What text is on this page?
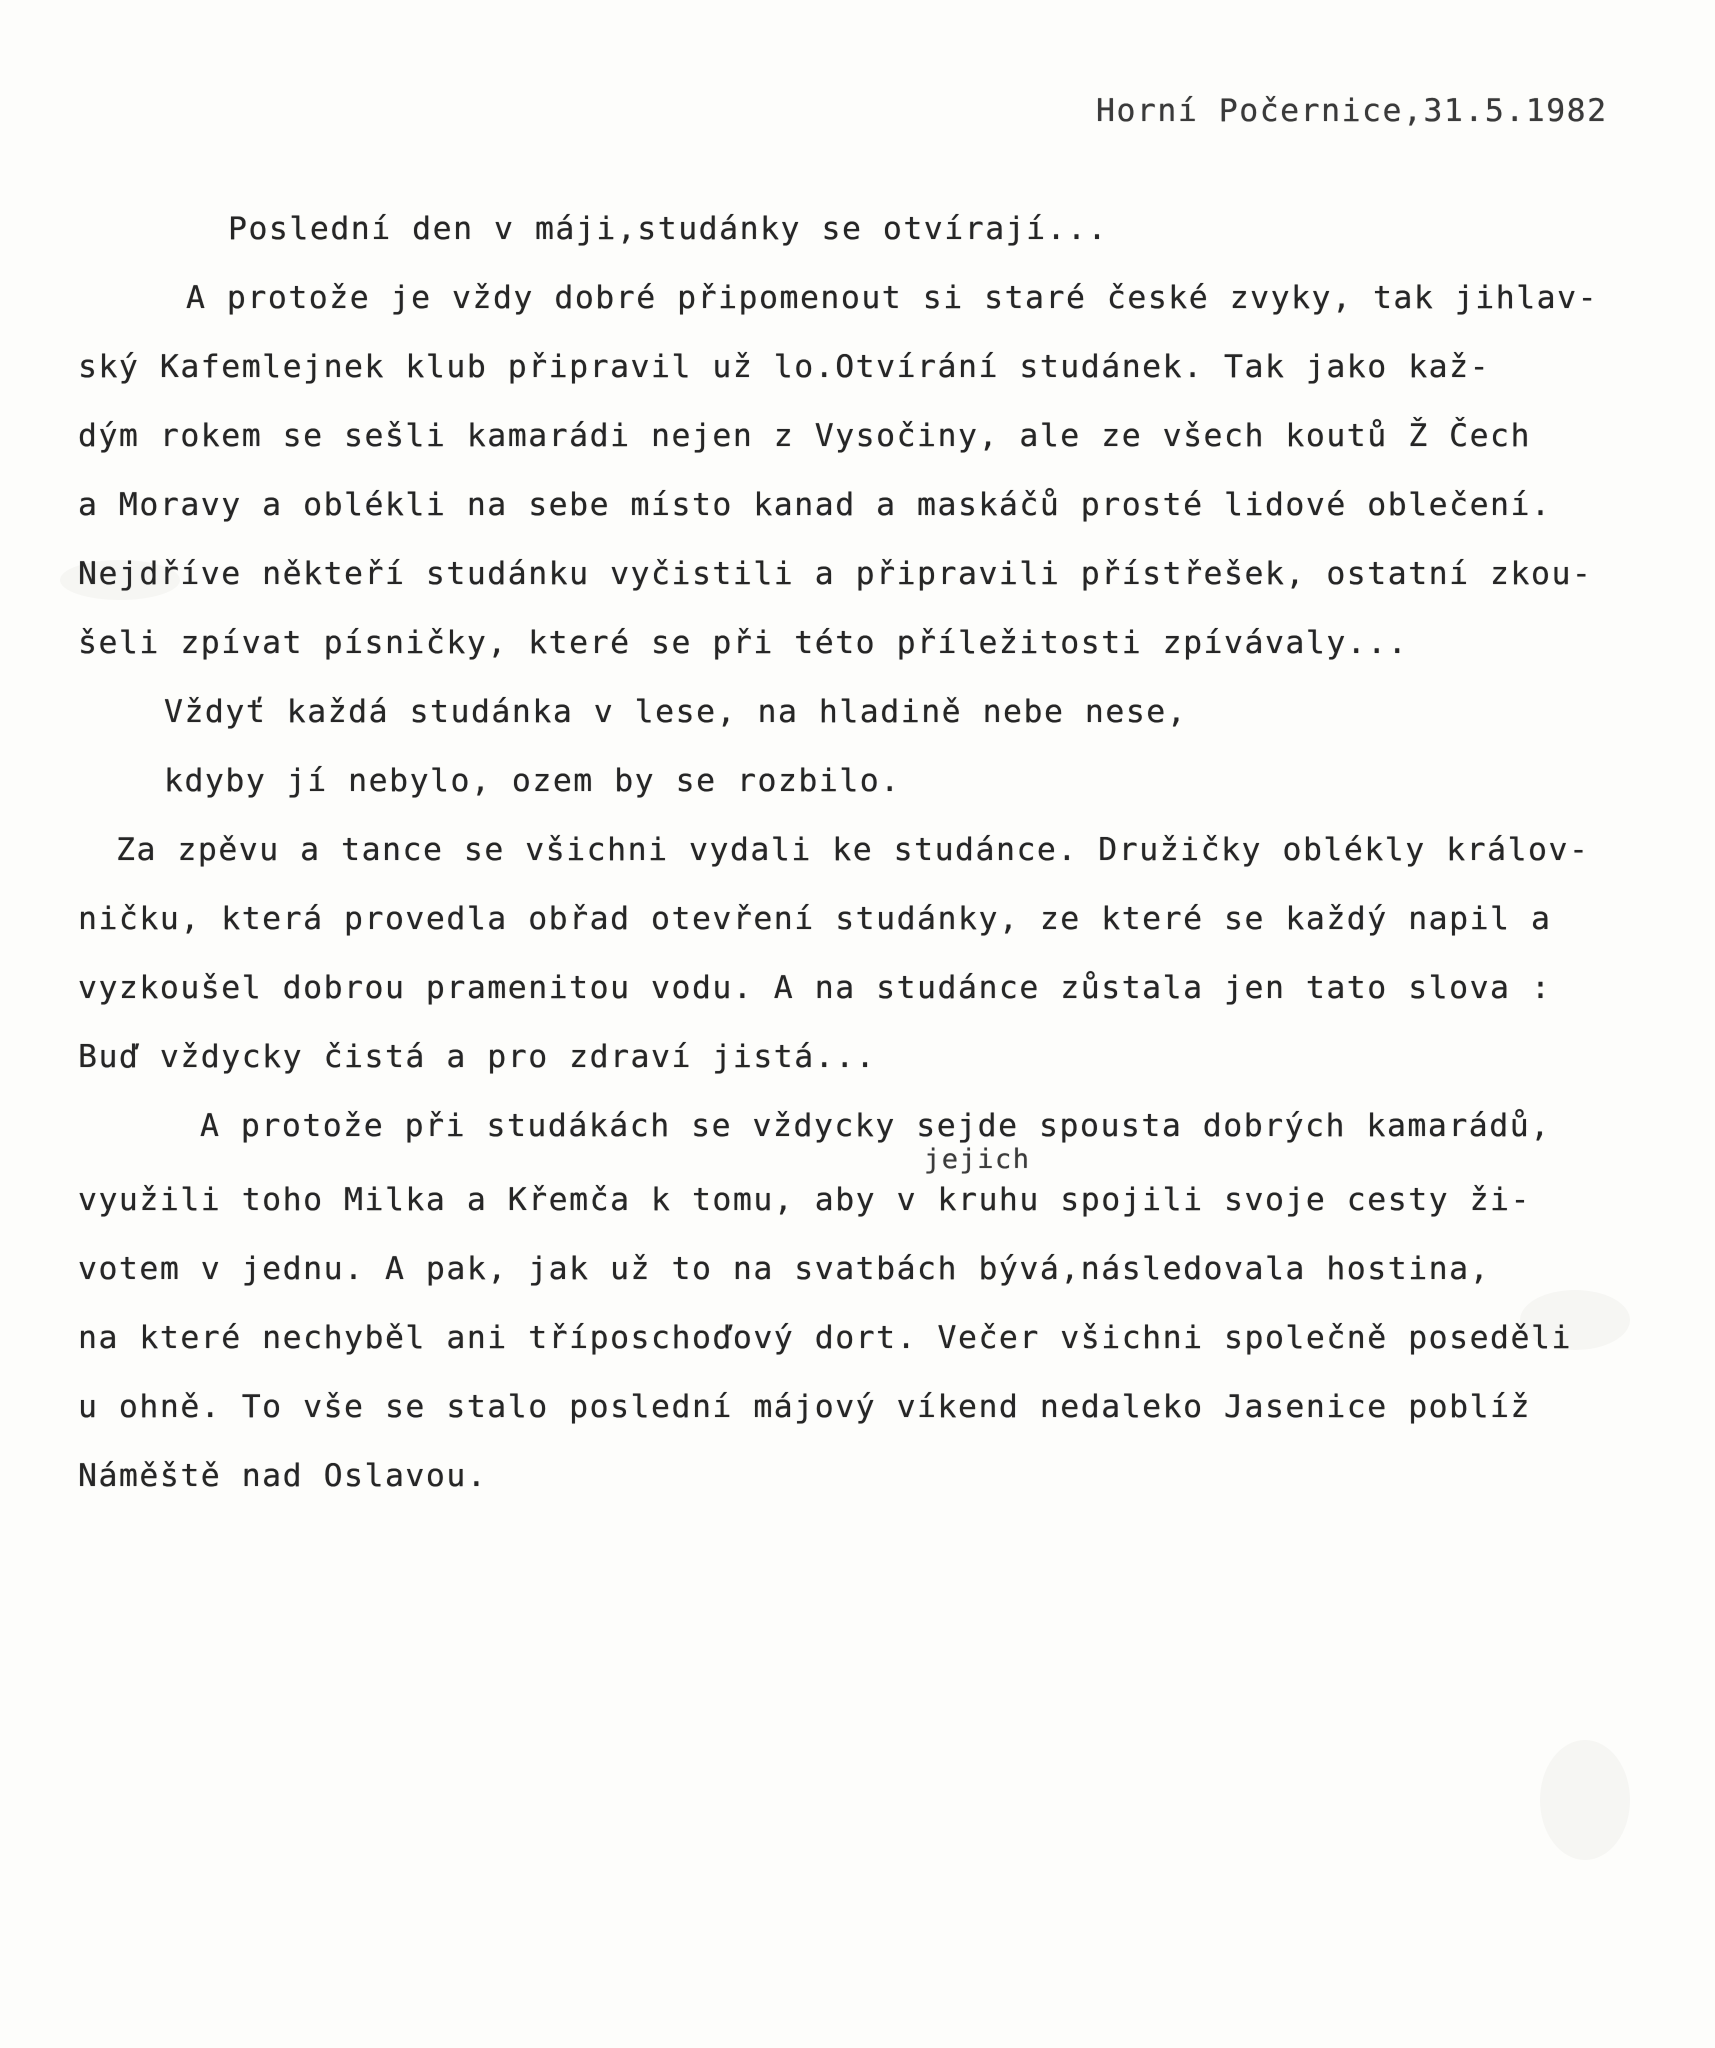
Horní Počernice,31.5.1982
Poslední den v máji,studánky se otvírají...
A protože je vždy dobré připomenout si staré české zvyky, tak jihlav-
ský Kafemlejnek klub připravil už lo.Otvírání studánek. Tak jako kaž-
dým rokem se sešli kamarádi nejen z Vysočiny, ale ze všech koutů Ž Čech
a Moravy a oblékli na sebe místo kanad a maskáčů prosté lidové oblečení.
Nejdříve někteří studánku vyčistili a připravili přístřešek, ostatní zkou-
šeli zpívat písničky, které se při této příležitosti zpívávaly...
Vždyť každá studánka v lese, na hladině nebe nese,
kdyby jí nebylo, ozem by se rozbilo.
Za zpěvu a tance se všichni vydali ke studánce. Družičky oblékly králov-
ničku, která provedla obřad otevření studánky, ze které se každý napil a
vyzkoušel dobrou pramenitou vodu. A na studánce zůstala jen tato slova :
Buď vždycky čistá a pro zdraví jistá...
A protože při studákách se vždycky sejde spousta dobrých kamarádů,
jejich
využili toho Milka a Křemča k tomu, aby v kruhu spojili svoje cesty ži-
votem v jednu. A pak, jak už to na svatbách bývá,následovala hostina,
na které nechyběl ani tříposchoďový dort. Večer všichni společně poseděli
u ohně. To vše se stalo poslední májový víkend nedaleko Jasenice poblíž
Náměště nad Oslavou.
